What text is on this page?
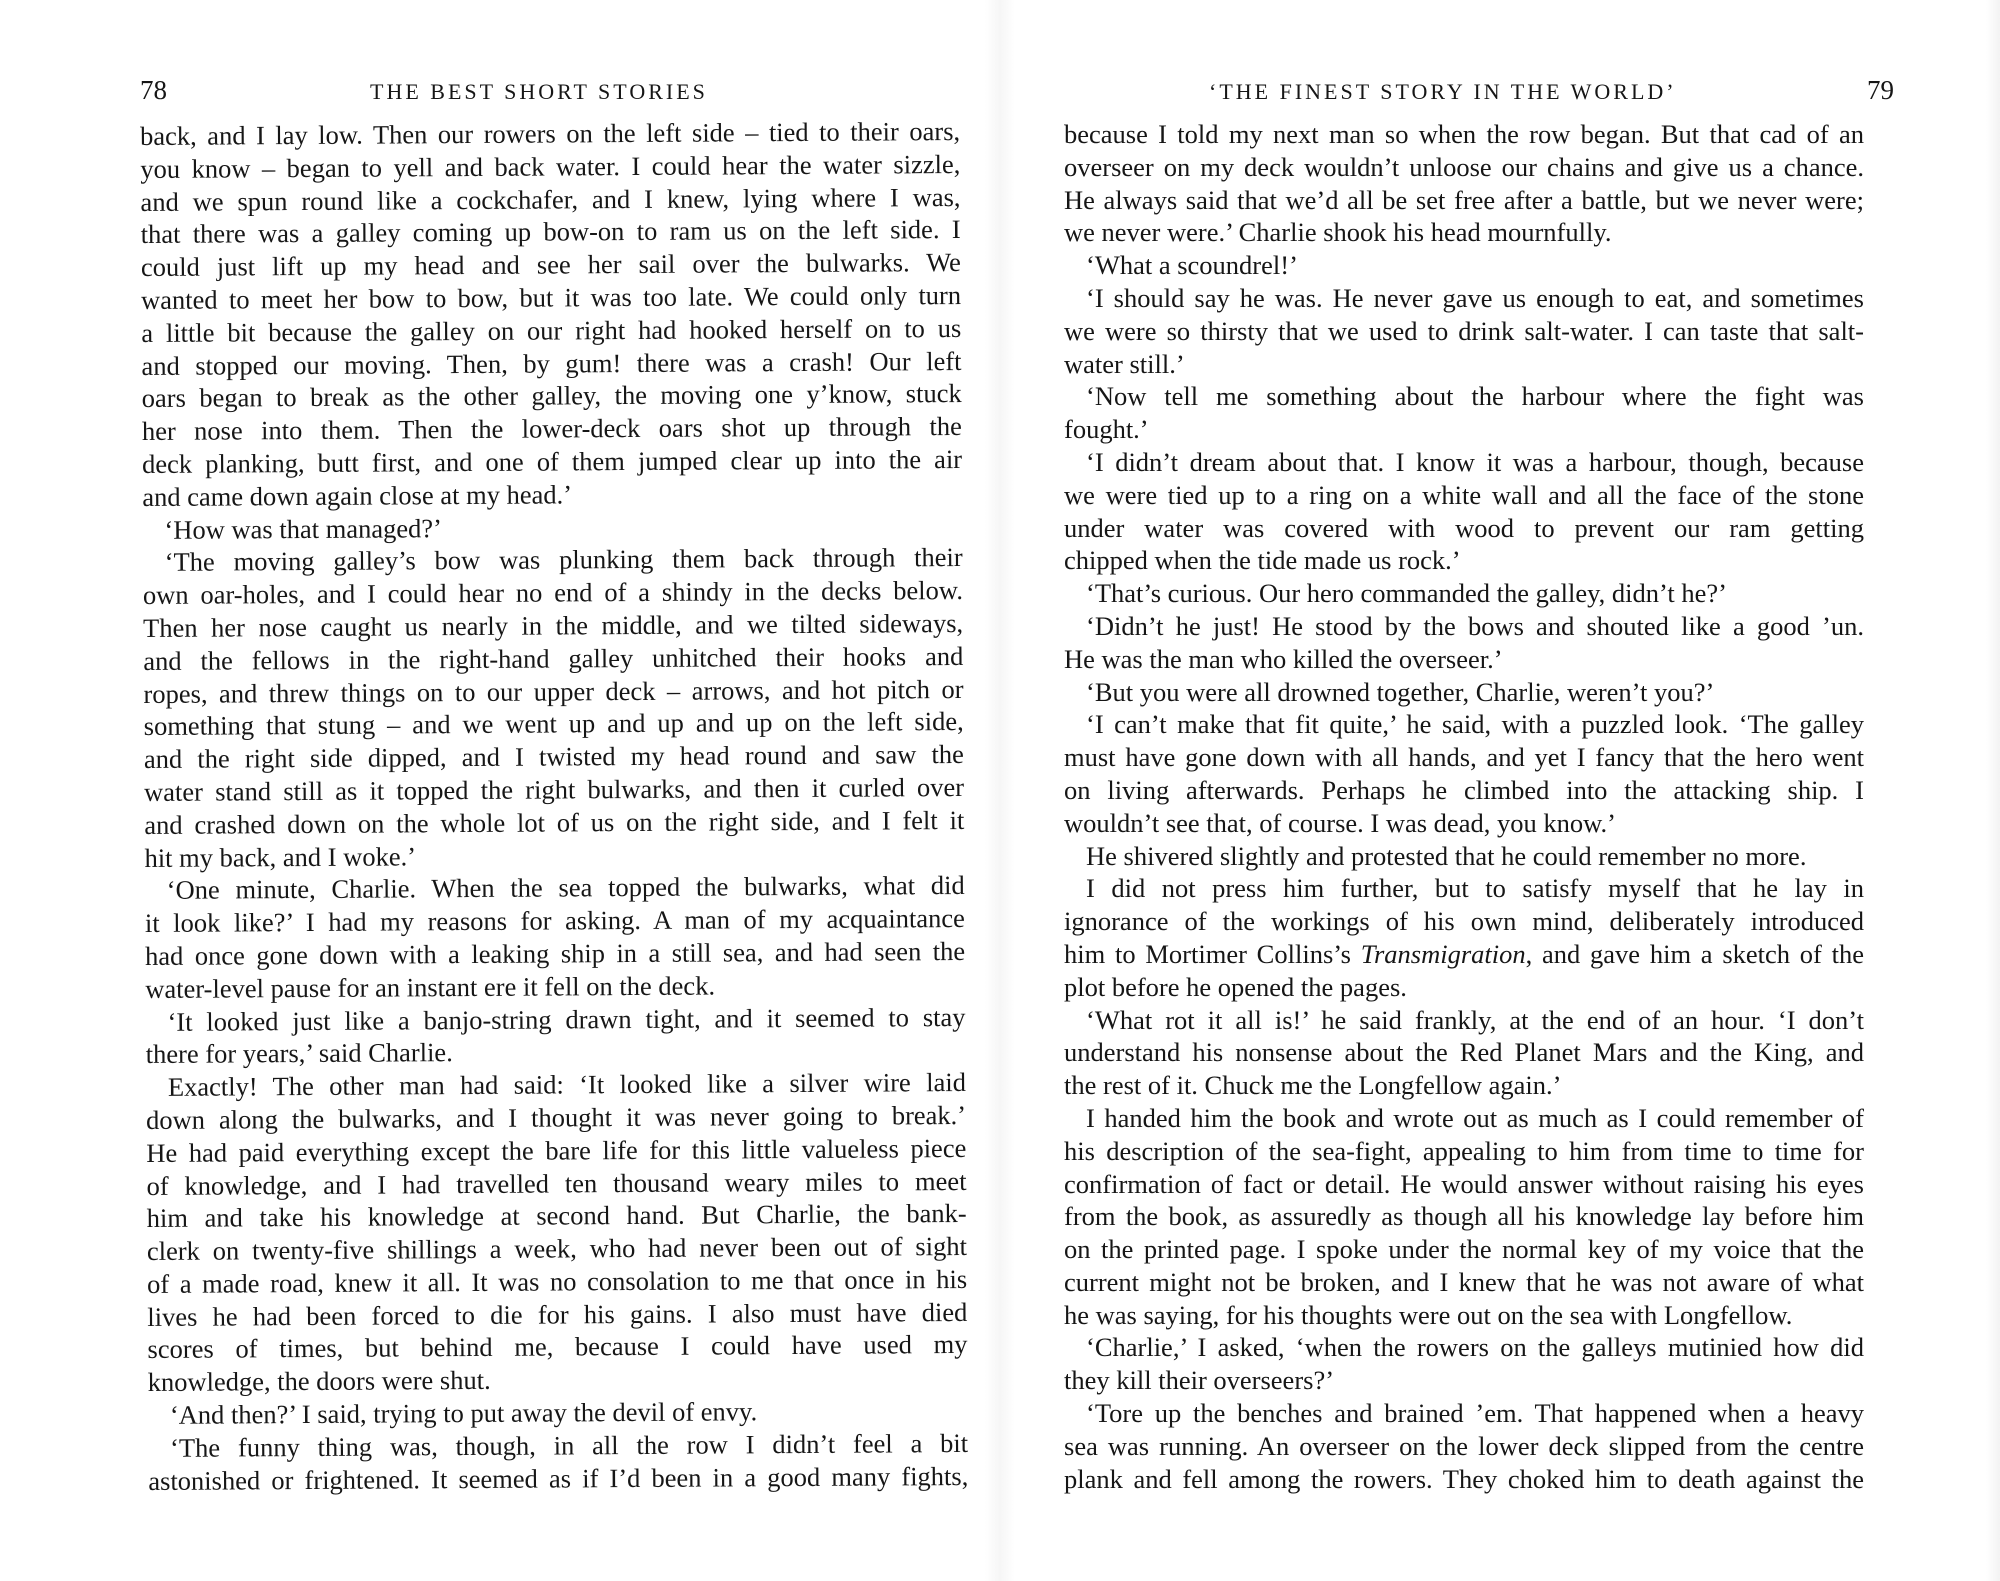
78	THE BEST SHORT STORIES
back, and I lay low. Then our rowers on the left side – tied to their oars,
you know – began to yell and back water. I could hear the water sizzle,
and we spun round like a cockchafer, and I knew, lying where I was,
that there was a galley coming up bow-on to ram us on the left side. I
could just lift up my head and see her sail over the bulwarks. We
wanted to meet her bow to bow, but it was too late. We could only turn
a little bit because the galley on our right had hooked herself on to us
and stopped our moving. Then, by gum! there was a crash! Our left
oars began to break as the other galley, the moving one y’know, stuck
her nose into them. Then the lower-deck oars shot up through the
deck planking, butt first, and one of them jumped clear up into the air
and came down again close at my head.’
‘How was that managed?’
‘The moving galley’s bow was plunking them back through their
own oar-holes, and I could hear no end of a shindy in the decks below.
Then her nose caught us nearly in the middle, and we tilted sideways,
and the fellows in the right-hand galley unhitched their hooks and
ropes, and threw things on to our upper deck – arrows, and hot pitch or
something that stung – and we went up and up and up on the left side,
and the right side dipped, and I twisted my head round and saw the
water stand still as it topped the right bulwarks, and then it curled over
and crashed down on the whole lot of us on the right side, and I felt it
hit my back, and I woke.’
‘One minute, Charlie. When the sea topped the bulwarks, what did
it look like?’ I had my reasons for asking. A man of my acquaintance
had once gone down with a leaking ship in a still sea, and had seen the
water-level pause for an instant ere it fell on the deck.
‘It looked just like a banjo-string drawn tight, and it seemed to stay
there for years,’ said Charlie.
Exactly! The other man had said: ‘It looked like a silver wire laid
down along the bulwarks, and I thought it was never going to break.’
He had paid everything except the bare life for this little valueless piece
of knowledge, and I had travelled ten thousand weary miles to meet
him and take his knowledge at second hand. But Charlie, the bank-
clerk on twenty-five shillings a week, who had never been out of sight
of a made road, knew it all. It was no consolation to me that once in his
lives he had been forced to die for his gains. I also must have died
scores of times, but behind me, because I could have used my
knowledge, the doors were shut.
‘And then?’ I said, trying to put away the devil of envy.
‘The funny thing was, though, in all the row I didn’t feel a bit
astonished or frightened. It seemed as if I’d been in a good many fights,
‘THE FINEST STORY IN THE WORLD’	79
because I told my next man so when the row began. But that cad of an
overseer on my deck wouldn’t unloose our chains and give us a chance.
He always said that we’d all be set free after a battle, but we never were;
we never were.’ Charlie shook his head mournfully.
‘What a scoundrel!’
‘I should say he was. He never gave us enough to eat, and sometimes
we were so thirsty that we used to drink salt-water. I can taste that salt-
water still.’
‘Now tell me something about the harbour where the fight was
fought.’
‘I didn’t dream about that. I know it was a harbour, though, because
we were tied up to a ring on a white wall and all the face of the stone
under water was covered with wood to prevent our ram getting
chipped when the tide made us rock.’
‘That’s curious. Our hero commanded the galley, didn’t he?’
‘Didn’t he just! He stood by the bows and shouted like a good ’un.
He was the man who killed the overseer.’
‘But you were all drowned together, Charlie, weren’t you?’
‘I can’t make that fit quite,’ he said, with a puzzled look. ‘The galley
must have gone down with all hands, and yet I fancy that the hero went
on living afterwards. Perhaps he climbed into the attacking ship. I
wouldn’t see that, of course. I was dead, you know.’
He shivered slightly and protested that he could remember no more.
I did not press him further, but to satisfy myself that he lay in
ignorance of the workings of his own mind, deliberately introduced
him to Mortimer Collins’s Transmigration, and gave him a sketch of the
plot before he opened the pages.
‘What rot it all is!’ he said frankly, at the end of an hour. ‘I don’t
understand his nonsense about the Red Planet Mars and the King, and
the rest of it. Chuck me the Longfellow again.’
I handed him the book and wrote out as much as I could remember of
his description of the sea-fight, appealing to him from time to time for
confirmation of fact or detail. He would answer without raising his eyes
from the book, as assuredly as though all his knowledge lay before him
on the printed page. I spoke under the normal key of my voice that the
current might not be broken, and I knew that he was not aware of what
he was saying, for his thoughts were out on the sea with Longfellow.
‘Charlie,’ I asked, ‘when the rowers on the galleys mutinied how did
they kill their overseers?’
‘Tore up the benches and brained ’em. That happened when a heavy
sea was running. An overseer on the lower deck slipped from the centre
plank and fell among the rowers. They choked him to death against the
